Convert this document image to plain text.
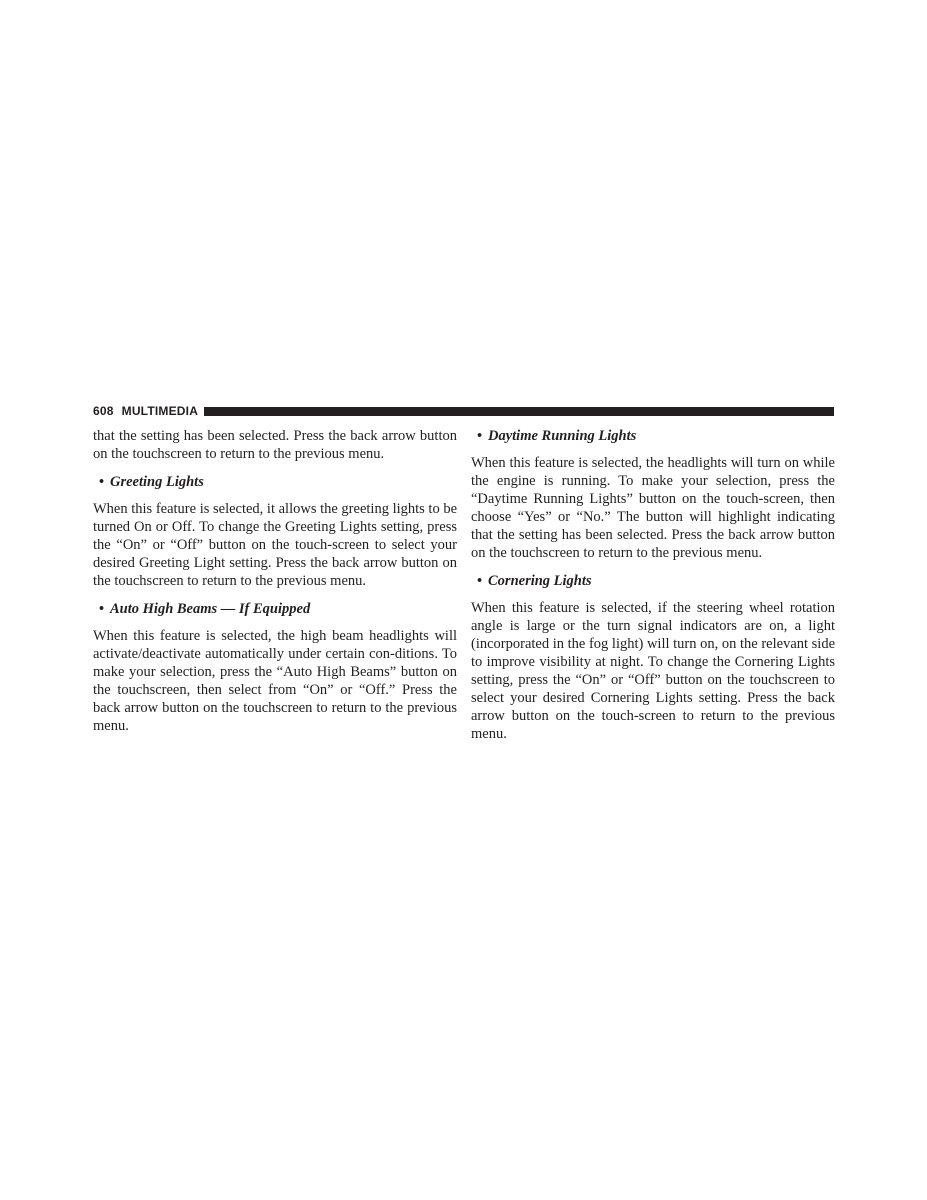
608 MULTIMEDIA

that the setting has been selected. Press the back arrow button on the touchscreen to return to the previous menu.

• Greeting Lights

When this feature is selected, it allows the greeting lights to be turned On or Off. To change the Greeting Lights setting, press the “On” or “Off” button on the touch-screen to select your desired Greeting Light setting. Press the back arrow button on the touchscreen to return to the previous menu.

• Auto High Beams — If Equipped

When this feature is selected, the high beam headlights will activate/deactivate automatically under certain con-ditions. To make your selection, press the “Auto High Beams” button on the touchscreen, then select from “On” or “Off.” Press the back arrow button on the touchscreen to return to the previous menu.

• Daytime Running Lights

When this feature is selected, the headlights will turn on while the engine is running. To make your selection, press the “Daytime Running Lights” button on the touch-screen, then choose “Yes” or “No.” The button will highlight indicating that the setting has been selected. Press the back arrow button on the touchscreen to return to the previous menu.

• Cornering Lights

When this feature is selected, if the steering wheel rotation angle is large or the turn signal indicators are on, a light (incorporated in the fog light) will turn on, on the relevant side to improve visibility at night. To change the Cornering Lights setting, press the “On” or “Off” button on the touchscreen to select your desired Cornering Lights setting. Press the back arrow button on the touch-screen to return to the previous menu.
